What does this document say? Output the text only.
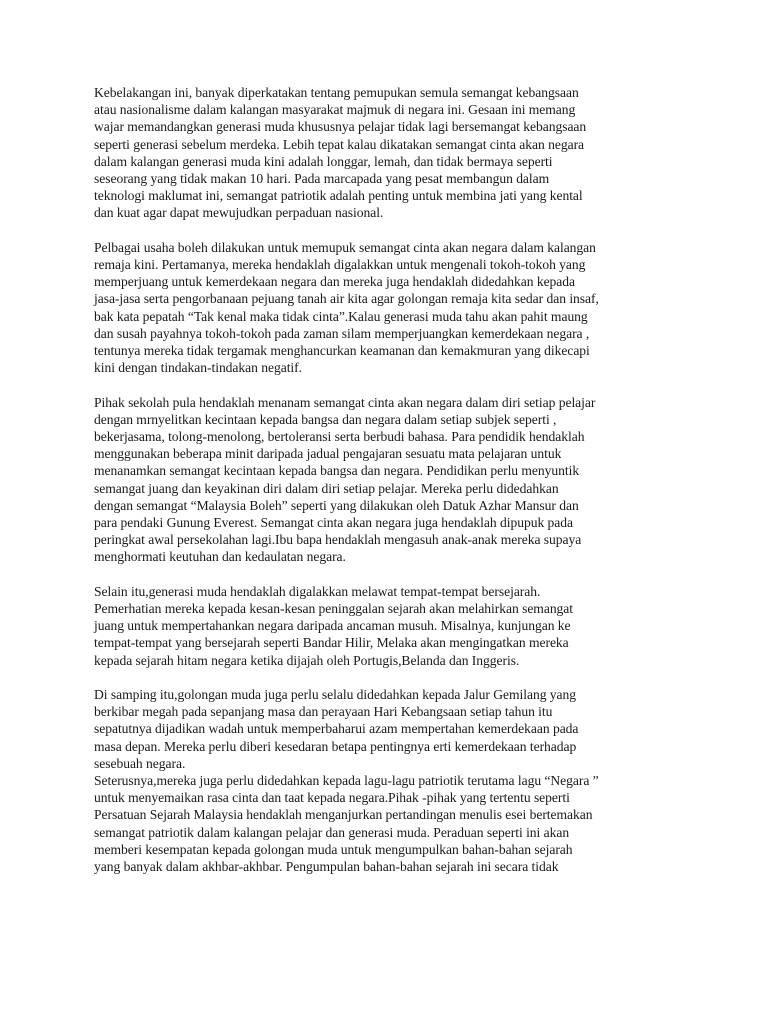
Kebelakangan ini, banyak diperkatakan tentang pemupukan semula semangat kebangsaan
atau nasionalisme dalam kalangan masyarakat majmuk di negara ini. Gesaan ini memang
wajar memandangkan generasi muda khususnya pelajar tidak lagi bersemangat kebangsaan
seperti generasi sebelum merdeka. Lebih tepat kalau dikatakan semangat cinta akan negara
dalam kalangan generasi muda kini adalah longgar, lemah, dan tidak bermaya seperti
seseorang yang tidak makan 10 hari. Pada marcapada yang pesat membangun dalam
teknologi maklumat ini, semangat patriotik adalah penting untuk membina jati yang kental
dan kuat agar dapat mewujudkan perpaduan nasional.
Pelbagai usaha boleh dilakukan untuk memupuk semangat cinta akan negara dalam kalangan
remaja kini. Pertamanya, mereka hendaklah digalakkan untuk mengenali tokoh-tokoh yang
memperjuang untuk kemerdekaan negara dan mereka juga hendaklah didedahkan kepada
jasa-jasa serta pengorbanaan pejuang tanah air kita agar golongan remaja kita sedar dan insaf,
bak kata pepatah “Tak kenal maka tidak cinta”.Kalau generasi muda tahu akan pahit maung
dan susah payahnya tokoh-tokoh pada zaman silam memperjuangkan kemerdekaan negara ,
tentunya mereka tidak tergamak menghancurkan keamanan dan kemakmuran yang dikecapi
kini dengan tindakan-tindakan negatif.
Pihak sekolah pula hendaklah menanam semangat cinta akan negara dalam diri setiap pelajar
dengan mrnyelitkan kecintaan kepada bangsa dan negara dalam setiap subjek seperti ,
bekerjasama, tolong-menolong, bertoleransi serta berbudi bahasa. Para pendidik hendaklah
menggunakan beberapa minit daripada jadual pengajaran sesuatu mata pelajaran untuk
menanamkan semangat kecintaan kepada bangsa dan negara. Pendidikan perlu menyuntik
semangat juang dan keyakinan diri dalam diri setiap pelajar. Mereka perlu didedahkan
dengan semangat “Malaysia Boleh” seperti yang dilakukan oleh Datuk Azhar Mansur dan
para pendaki Gunung Everest. Semangat cinta akan negara juga hendaklah dipupuk pada
peringkat awal persekolahan lagi.Ibu bapa hendaklah mengasuh anak-anak mereka supaya
menghormati keutuhan dan kedaulatan negara.
Selain itu,generasi muda hendaklah digalakkan melawat tempat-tempat bersejarah.
Pemerhatian mereka kepada kesan-kesan peninggalan sejarah akan melahirkan semangat
juang untuk mempertahankan negara daripada ancaman musuh. Misalnya, kunjungan ke
tempat-tempat yang bersejarah seperti Bandar Hilir, Melaka akan mengingatkan mereka
kepada sejarah hitam negara ketika dijajah oleh Portugis,Belanda dan Inggeris.
Di samping itu,golongan muda juga perlu selalu didedahkan kepada Jalur Gemilang yang
berkibar megah pada sepanjang masa dan perayaan Hari Kebangsaan setiap tahun itu
sepatutnya dijadikan wadah untuk memperbaharui azam mempertahan kemerdekaan pada
masa depan. Mereka perlu diberi kesedaran betapa pentingnya erti kemerdekaan terhadap
sesebuah negara.
Seterusnya,mereka juga perlu didedahkan kepada lagu-lagu patriotik terutama lagu “Negara ”
untuk menyemaikan rasa cinta dan taat kepada negara.Pihak -pihak yang tertentu seperti
Persatuan Sejarah Malaysia hendaklah menganjurkan pertandingan menulis esei bertemakan
semangat patriotik dalam kalangan pelajar dan generasi muda. Peraduan seperti ini akan
memberi kesempatan kepada golongan muda untuk mengumpulkan bahan-bahan sejarah
yang banyak dalam akhbar-akhbar. Pengumpulan bahan-bahan sejarah ini secara tidak
